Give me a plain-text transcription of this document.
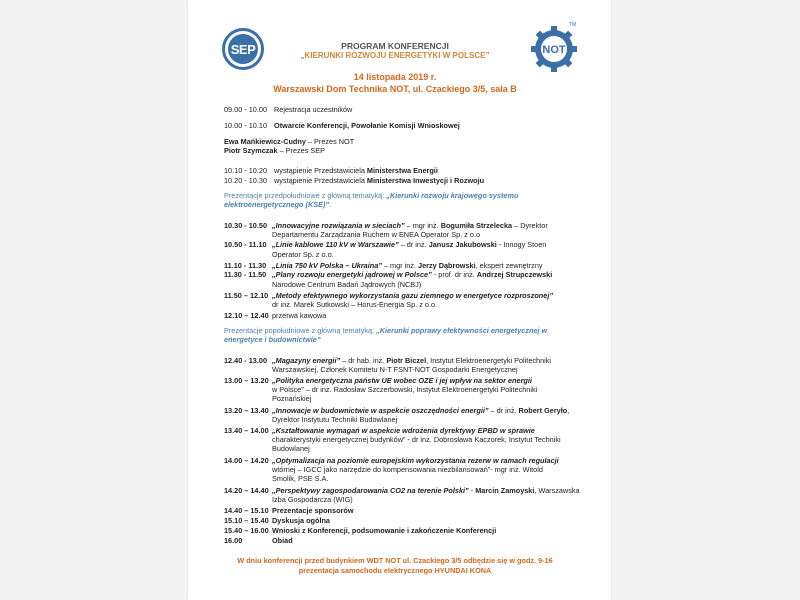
SEP	NOT
TM
PROGRAM KONFERENCJI
„KIERUNKI ROZWOJU ENERGETYKI W POLSCE”
14 listopada 2019 r.
Warszawski Dom Technika NOT, ul. Czackiego 3/5, sala B
09.00 - 10.00 Rejestracja uczestników
10.00 - 10.10 Otwarcie Konferencji, Powołanie Komisji Wnioskowej
Ewa Mańkiewicz-Cudny – Prezes NOT
Piotr Szymczak – Prezes SEP
10.10 - 10.20 wystąpienie Przedstawiciela Ministerstwa Energii
10.20 - 10.30 wystąpienie Przedstawiciela Ministerstwa Inwestycji i Rozwoju
Prezentacje przedpołudniowe z główną tematyką: „Kierunki rozwoju krajowego systemu
elektroenergetycznego (KSE)”:
10.30 - 10.50 „Innowacyjne rozwiązania w sieciach” – mgr inż. Bogumiła Strzelecka – Dyrektor
Departamentu Zarządzania Ruchem w ENEA Operator Sp. z o.o
10.50 - 11.10 „Linie kablowe 110 kV w Warszawie” – dr inż. Janusz Jakubowski - Innogy Stoen
Operator Sp. z o.o.
11.10 - 11.30 „Linia 750 kV Polska – Ukraina” – mgr inż. Jerzy Dąbrowski, ekspert zewnętrzny
11.30 - 11.50 „Plany rozwoju energetyki jądrowej w Polsce” - prof. dr inż. Andrzej Strupczewski
Narodowe Centrum Badań Jądrowych (NCBJ)
11.50 – 12.10 „Metody efektywnego wykorzystania gazu ziemnego w energetyce rozproszonej”
dr inż. Marek Sutkowski – Horus-Energia Sp. z o.o.
12.10 – 12.40 przerwa kawowa
Prezentacje popołudniowe z główną tematyką: „Kierunki poprawy efektywności energetycznej w
energetyce i budownictwie”
12.40 - 13.00 „Magazyny energii” – dr hab. inż. Piotr Biczel, Instytut Elektroenergetyki Politechniki
Warszawskiej, Członek Komitetu N-T FSNT-NOT Gospodarki Energetycznej
13.00 – 13.20 „Polityka energetyczna państw UE wobec OZE i jej wpływ na sektor energii
w Polsce” – dr inż. Radosław Szczerbowski, Instytut Elektroenergetyki Politechniki
Poznańskiej
13.20 – 13.40 „Innowacje w budownictwie w aspekcie oszczędności energii” – dr inż. Robert Geryło,
Dyrektor Instytutu Techniki Budowlanej
13.40 – 14.00 „Kształtowanie wymagań w aspekcie wdrożenia dyrektywy EPBD w sprawie
charakterystyki energetycznej budynków” - dr inż. Dobrosława Kaczorek, Instytut Techniki
Budowlanej
14.00 – 14.20 „Optymalizacja na poziomie europejskim wykorzystania rezerw w ramach regulacji
wtórnej – IGCC jako narzędzie do kompensowania niezbilansowań”- mgr inż. Witold
Smolik, PSE S.A.
14.20 – 14.40 „Perspektywy zagospodarowania CO2 na terenie Polski” - Marcin Zamoyski, Warszawska
Izba Gospodarcza (WIG)
14.40 – 15.10 Prezentacje sponsorów
15.10 – 15.40 Dyskusja ogólna
15.40 – 16.00 Wnioski z Konferencji, podsumowanie i zakończenie Konferencji
16.00	Obiad
W dniu konferencji przed budynkiem WDT NOT ul. Czackiego 3/5 odbędzie się w godz. 9-16
prezentacja samochodu elektrycznego HYUNDAI KONA
